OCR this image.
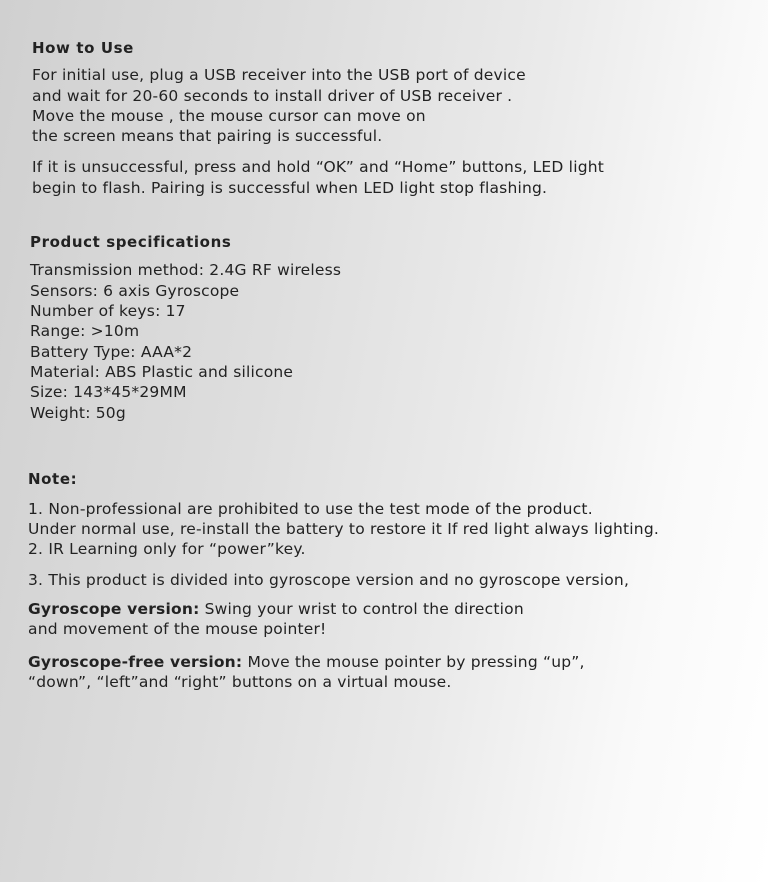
How to Use
For initial use, plug a USB receiver into the USB port of device
and wait for 20-60 seconds to install driver of USB receiver .
Move the mouse , the mouse cursor can move on
the screen means that pairing is successful.
If it is unsuccessful, press and hold “OK” and “Home” buttons, LED light
begin to flash. Pairing is successful when LED light stop flashing.
Product specifications
Transmission method: 2.4G RF wireless
Sensors: 6 axis Gyroscope
Number of keys: 17
Range: >10m
Battery Type: AAA*2
Material: ABS Plastic and silicone
Size: 143*45*29MM
Weight: 50g
Note:
1. Non-professional are prohibited to use the test mode of the product.
Under normal use, re-install the battery to restore it If red light always lighting.
2. IR Learning only for “power”key.
3. This product is divided into gyroscope version and no gyroscope version,
Gyroscope version: Swing your wrist to control the direction
and movement of the mouse pointer!
Gyroscope-free version: Move the mouse pointer by pressing “up”,
“down”, “left”and “right” buttons on a virtual mouse.
